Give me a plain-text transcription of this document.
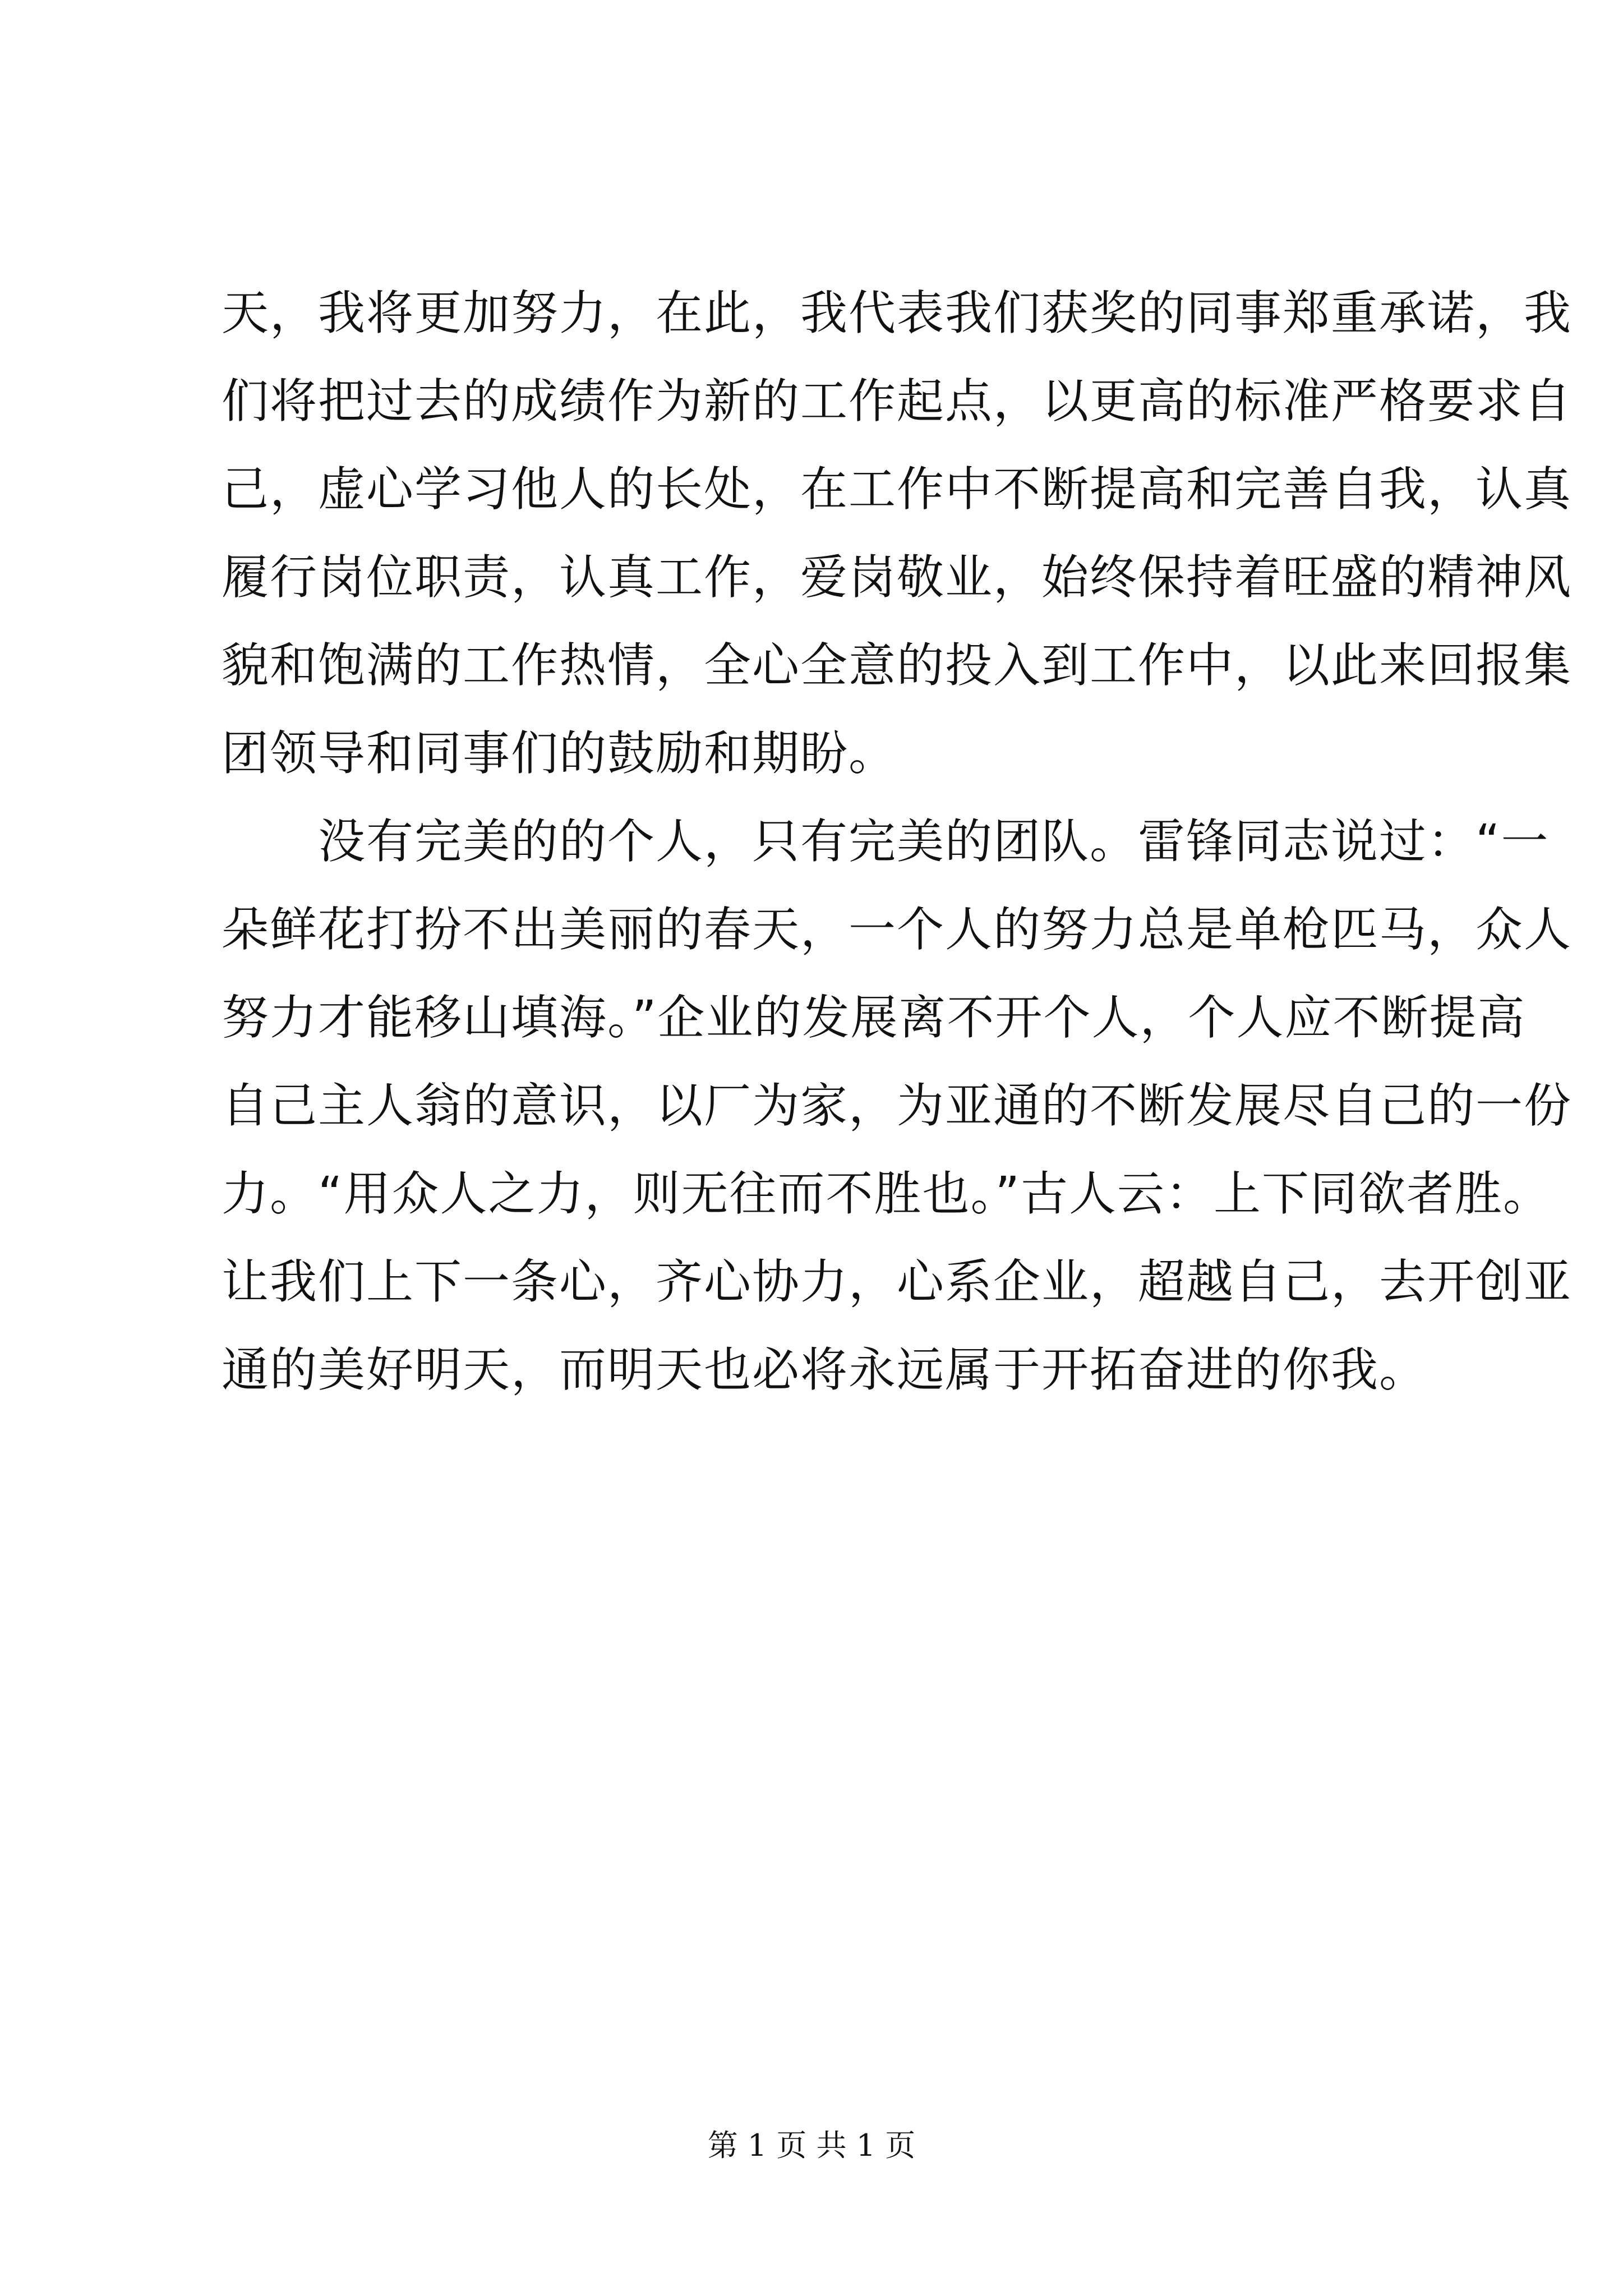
天，我将更加努力，在此，我代表我们获奖的同事郑重承诺，我
们将把过去的成绩作为新的工作起点，以更高的标准严格要求自
己，虚心学习他人的长处，在工作中不断提高和完善自我，认真
履行岗位职责，认真工作，爱岗敬业，始终保持着旺盛的精神风
貌和饱满的工作热情，全心全意的投入到工作中，以此来回报集
团领导和同事们的鼓励和期盼。

没有完美的的个人，只有完美的团队。雷锋同志说过：“一
朵鲜花打扮不出美丽的春天，一个人的努力总是单枪匹马，众人
努力才能移山填海。”企业的发展离不开个人，个人应不断提高
自己主人翁的意识，以厂为家，为亚通的不断发展尽自己的一份
力。“用众人之力，则无往而不胜也。”古人云：上下同欲者胜。
让我们上下一条心，齐心协力，心系企业，超越自己，去开创亚
通的美好明天，而明天也必将永远属于开拓奋进的你我。

第 1 页 共 1 页
